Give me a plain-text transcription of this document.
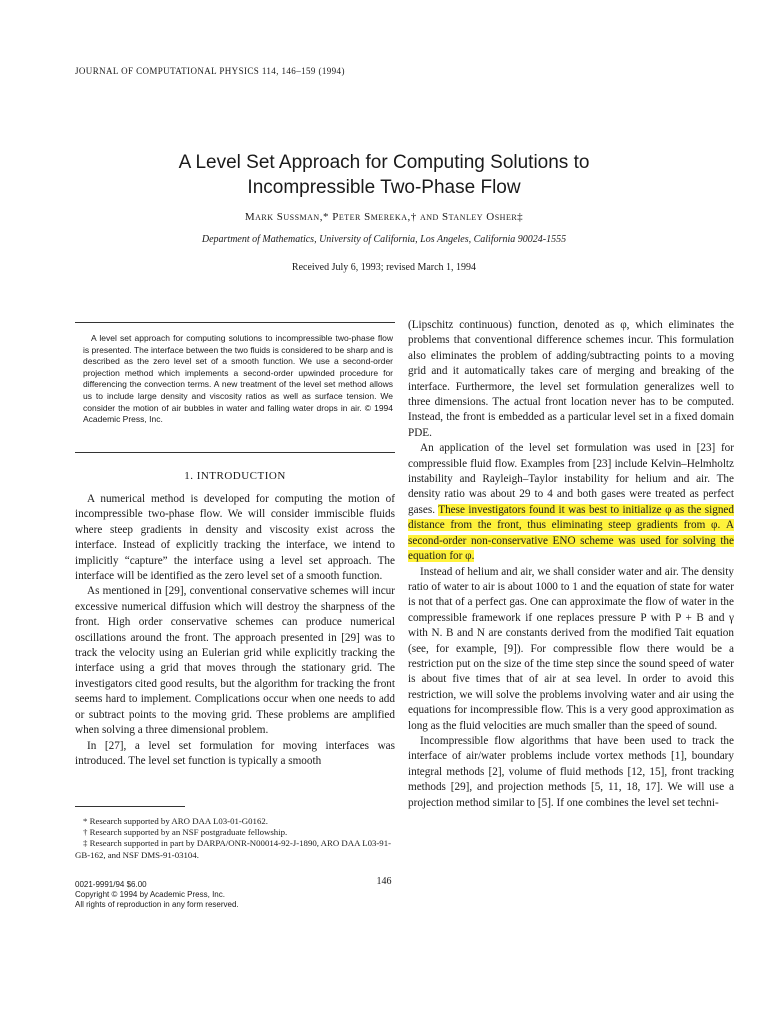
JOURNAL OF COMPUTATIONAL PHYSICS 114, 146–159 (1994)
A Level Set Approach for Computing Solutions to
Incompressible Two-Phase Flow
Mark Sussman,* Peter Smereka,† and Stanley Osher‡
Department of Mathematics, University of California, Los Angeles, California 90024-1555
Received July 6, 1993; revised March 1, 1994
A level set approach for computing solutions to incompressible two-phase flow is presented. The interface between the two fluids is considered to be sharp and is described as the zero level set of a smooth function. We use a second-order projection method which implements a second-order upwinded procedure for differencing the convection terms. A new treatment of the level set method allows us to include large density and viscosity ratios as well as surface tension. We consider the motion of air bubbles in water and falling water drops in air. © 1994 Academic Press, Inc.
1. INTRODUCTION

A numerical method is developed for computing the motion of incompressible two-phase flow. We will consider immiscible fluids where steep gradients in density and viscosity exist across the interface. Instead of explicitly tracking the interface, we intend to implicitly “capture” the interface using a level set approach. The interface will be identified as the zero level set of a smooth function.

As mentioned in [29], conventional conservative schemes will incur excessive numerical diffusion which will destroy the sharpness of the front. High order conservative schemes can produce numerical oscillations around the front. The approach presented in [29] was to track the velocity using an Eulerian grid while explicitly tracking the interface using a grid that moves through the stationary grid. The investigators cited good results, but the algorithm for tracking the front seems hard to implement. Complications occur when one needs to add or subtract points to the moving grid. These problems are amplified when solving a three dimensional problem.

In [27], a level set formulation for moving interfaces was introduced. The level set function is typically a smooth

* Research supported by ARO DAA L03-01-G0162.
† Research supported by an NSF postgraduate fellowship.
‡ Research supported in part by DARPA/ONR-N00014-92-J-1890, ARO DAA L03-91-GB-162, and NSF DMS-91-03104.

(Lipschitz continuous) function, denoted as φ, which eliminates the problems that conventional difference schemes incur. This formulation also eliminates the problem of adding/subtracting points to a moving grid and it automatically takes care of merging and breaking of the interface. Furthermore, the level set formulation generalizes well to three dimensions. The actual front location never has to be computed. Instead, the front is embedded as a particular level set in a fixed domain PDE.

An application of the level set formulation was used in [23] for compressible fluid flow. Examples from [23] include Kelvin–Helmholtz instability and Rayleigh–Taylor instability for helium and air. The density ratio was about 29 to 4 and both gases were treated as perfect gases. These investigators found it was best to initialize φ as the signed distance from the front, thus eliminating steep gradients from φ. A second-order non-conservative ENO scheme was used for solving the equation for φ.

Instead of helium and air, we shall consider water and air. The density ratio of water to air is about 1000 to 1 and the equation of state for water is not that of a perfect gas. One can approximate the flow of water in the compressible framework if one replaces pressure P with P + B and γ with N. B and N are constants derived from the modified Tait equation (see, for example, [9]). For compressible flow there would be a restriction put on the size of the time step since the sound speed of water is about five times that of air at sea level. In order to avoid this restriction, we will solve the problems involving water and air using the equations for incompressible flow. This is a very good approximation as long as the fluid velocities are much smaller than the speed of sound.

Incompressible flow algorithms that have been used to track the interface of air/water problems include vortex methods [1], boundary integral methods [2], volume of fluid methods [12, 15], front tracking methods [29], and projection methods [5, 11, 18, 17]. We will use a projection method similar to [5]. If one combines the level set techni-

146
0021-9991/94 $6.00
Copyright © 1994 by Academic Press, Inc.
All rights of reproduction in any form reserved.
